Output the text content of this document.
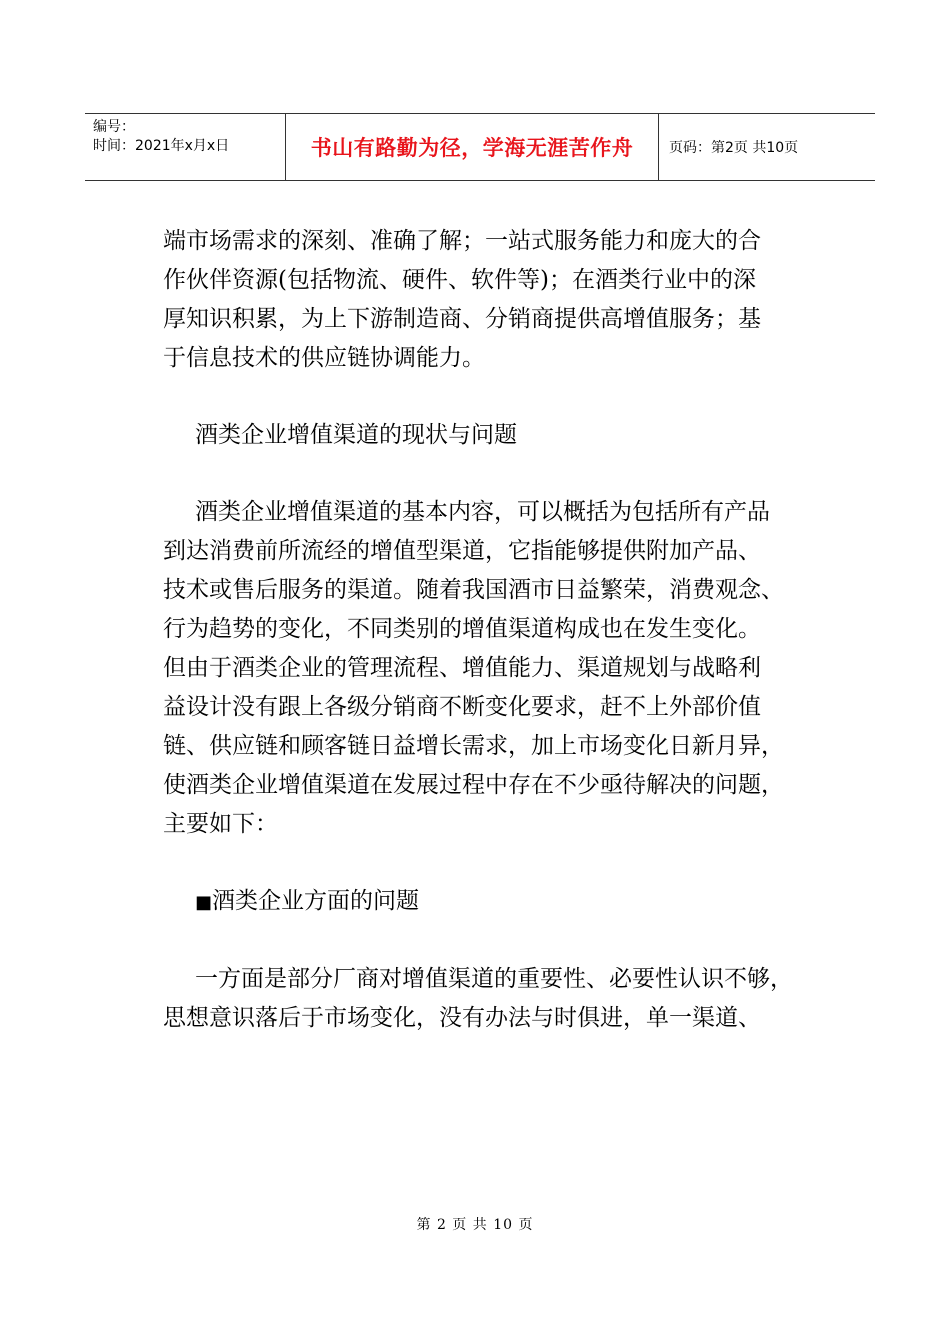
编号：
时间：2021年x月x日	书山有路勤为径，学海无涯苦作舟	页码：第2页 共10页
端市场需求的深刻、准确了解；一站式服务能力和庞大的合
作伙伴资源(包括物流、硬件、软件等)；在酒类行业中的深
厚知识积累，为上下游制造商、分销商提供高增值服务；基
于信息技术的供应链协调能力。
酒类企业增值渠道的现状与问题
酒类企业增值渠道的基本内容，可以概括为包括所有产品
到达消费前所流经的增值型渠道，它指能够提供附加产品、
技术或售后服务的渠道。随着我国酒市日益繁荣，消费观念、
行为趋势的变化，不同类别的增值渠道构成也在发生变化。
但由于酒类企业的管理流程、增值能力、渠道规划与战略利
益设计没有跟上各级分销商不断变化要求，赶不上外部价值
链、供应链和顾客链日益增长需求，加上市场变化日新月异，
使酒类企业增值渠道在发展过程中存在不少亟待解决的问题，
主要如下：
■酒类企业方面的问题
一方面是部分厂商对增值渠道的重要性、必要性认识不够，
思想意识落后于市场变化，没有办法与时俱进，单一渠道、
第 2 页 共 10 页
